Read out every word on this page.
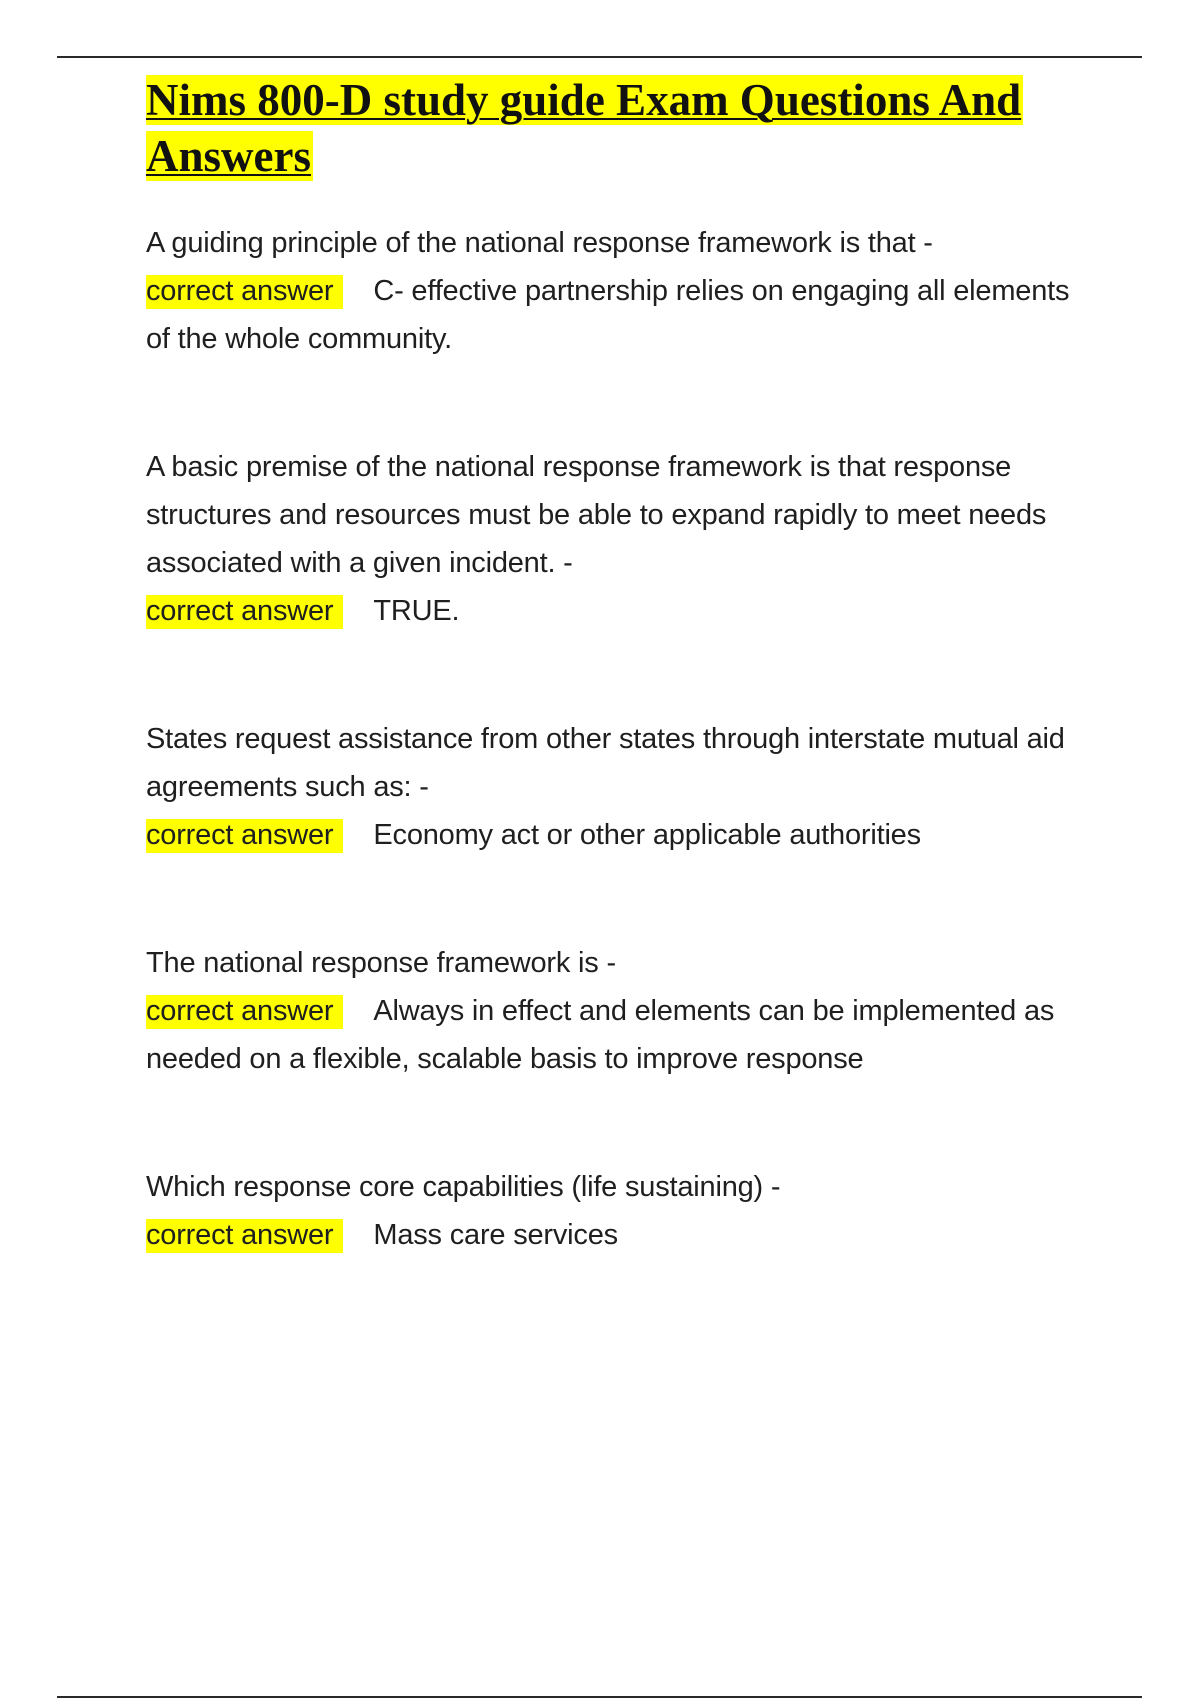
Nims 800-D study guide Exam Questions And Answers
A guiding principle of the national response framework is that -
correct answer C- effective partnership relies on engaging all elements of the whole community.
A basic premise of the national response framework is that response structures and resources must be able to expand rapidly to meet needs associated with a given incident. -
correct answer TRUE.
States request assistance from other states through interstate mutual aid agreements such as: -
correct answer Economy act or other applicable authorities
The national response framework is -
correct answer Always in effect and elements can be implemented as needed on a flexible, scalable basis to improve response
Which response core capabilities (life sustaining) -
correct answer Mass care services
